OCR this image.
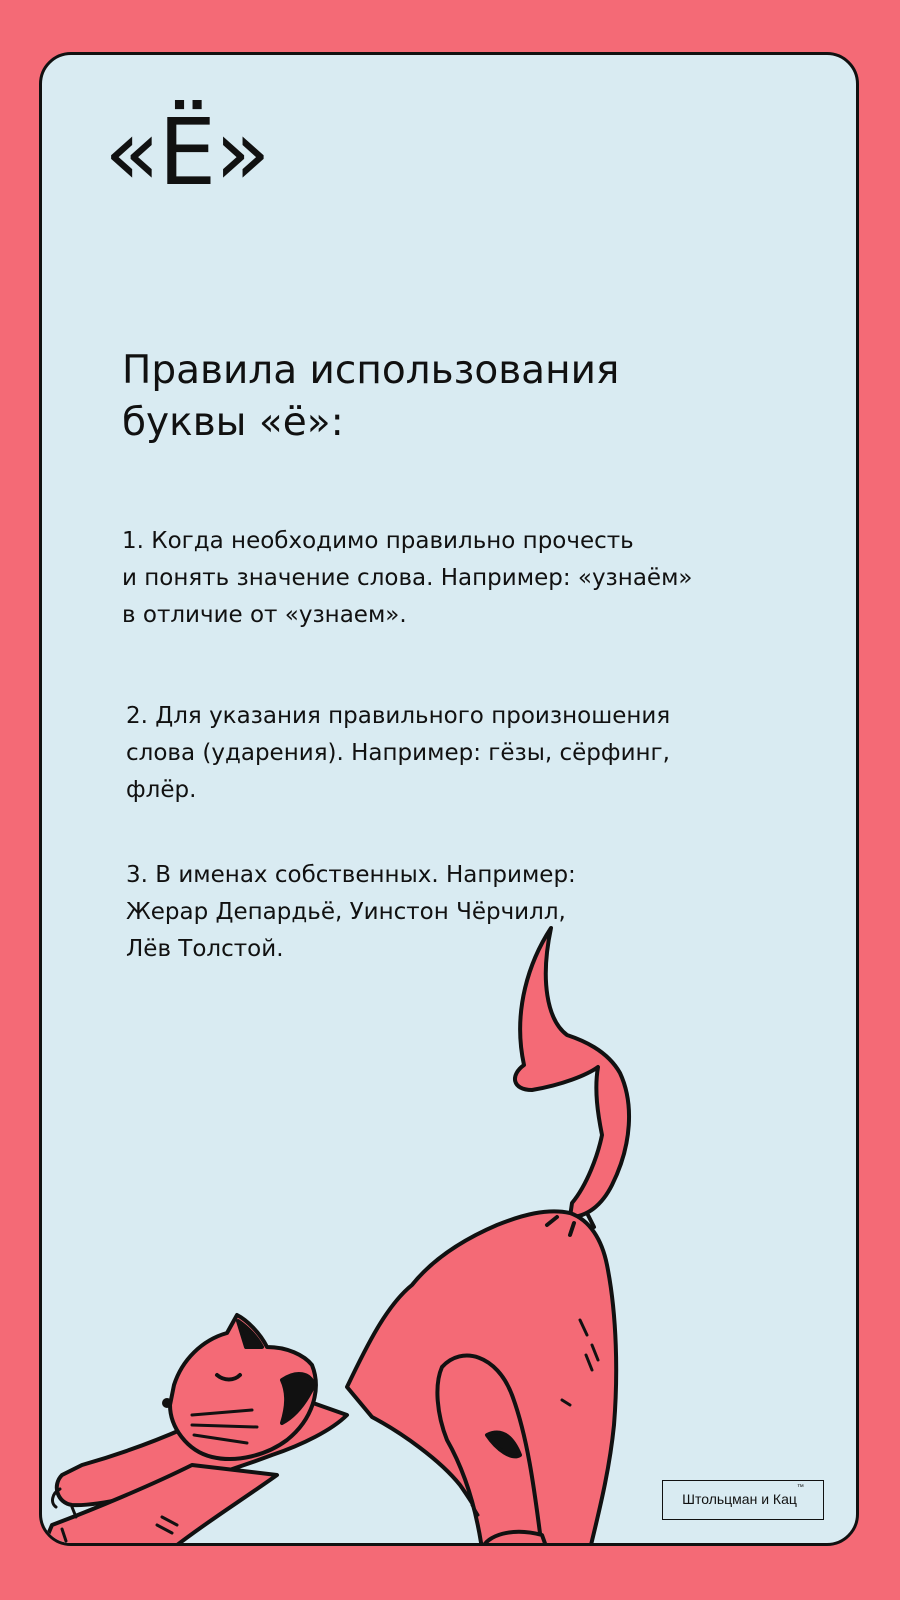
«Ё»
Правила использования
буквы «ё»:
1. Когда необходимо правильно прочесть
и понять значение слова. Например: «узнаём»
в отличие от «узнаем».
2. Для указания правильного произношения
слова (ударения). Например: гёзы, сёрфинг,
флёр.
3. В именах собственных. Например:
Жерар Депардьё, Уинстон Чёрчилл,
Лёв Толстой.
Штольцман и Кац™
